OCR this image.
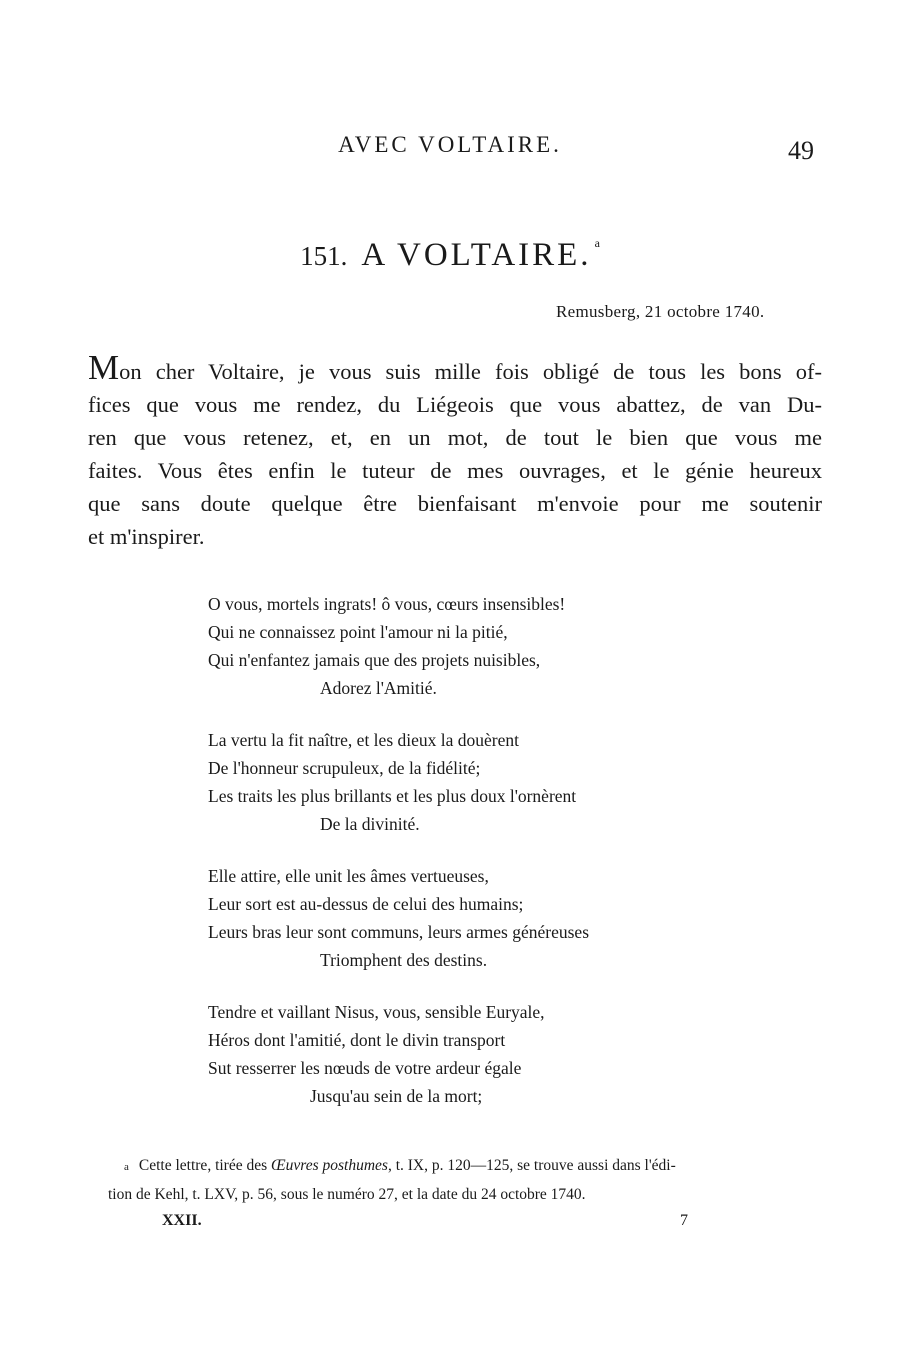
AVEC VOLTAIRE.	49
151. A VOLTAIRE. $^a$
Remusberg, 21 octobre 1740.

Mon cher Voltaire, je vous suis mille fois obligé de tous les bons of-
fices que vous me rendez, du Liégeois que vous abattez, de van Du-
ren que vous retenez, et, en un mot, de tout le bien que vous me
faites. Vous êtes enfin le tuteur de mes ouvrages, et le génie heureux
que sans doute quelque être bienfaisant m'envoie pour me soutenir
et m'inspirer.

O vous, mortels ingrats! ô vous, cœurs insensibles!
Qui ne connaissez point l'amour ni la pitié,
Qui n'enfantez jamais que des projets nuisibles,
Adorez l'Amitié.
La vertu la fit naître, et les dieux la douèrent
De l'honneur scrupuleux, de la fidélité;
Les traits les plus brillants et les plus doux l'ornèrent
De la divinité.
Elle attire, elle unit les âmes vertueuses,
Leur sort est au-dessus de celui des humains;
Leurs bras leur sont communs, leurs armes généreuses
Triomphent des destins.
Tendre et vaillant Nisus, vous, sensible Euryale,
Héros dont l'amitié, dont le divin transport
Sut resserrer les nœuds de votre ardeur égale
Jusqu'au sein de la mort;
a Cette lettre, tirée des Œuvres posthumes, t. IX, p. 120—125, se trouve aussi dans l'édi-
tion de Kehl, t. LXV, p. 56, sous le numéro 27, et la date du 24 octobre 1740.
XXII.	7
